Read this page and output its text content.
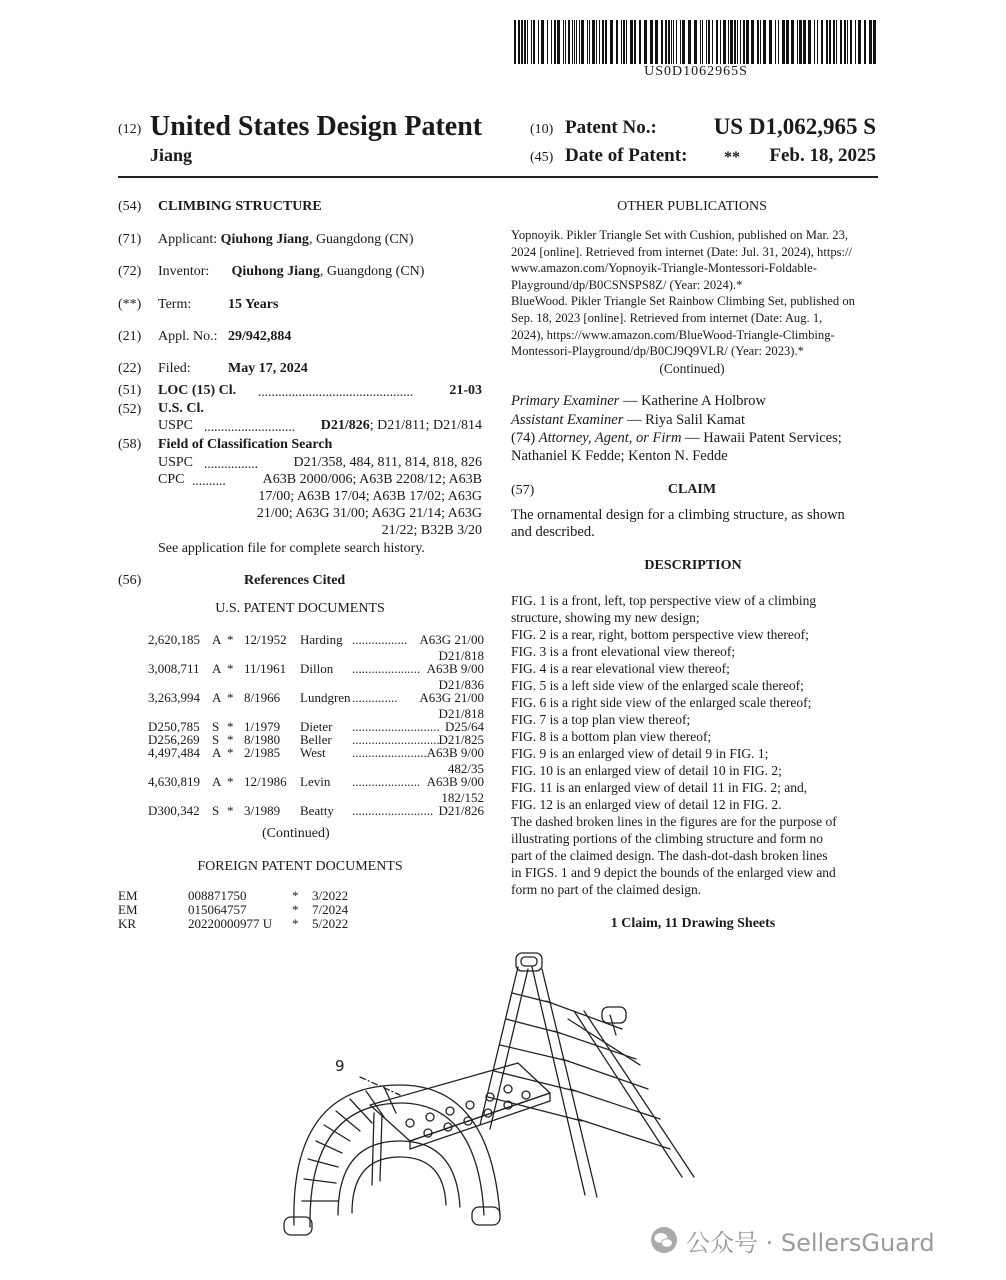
US0D1062965S
(12) United States Design Patent
Jiang
(10) Patent No.:	US D1,062,965 S
(45) Date of Patent: **	Feb. 18, 2025
(54) CLIMBING STRUCTURE
(71) Applicant: Qiuhong Jiang, Guangdong (CN)
(72) Inventor: Qiuhong Jiang, Guangdong (CN)
(**) Term:	15 Years
(21) Appl. No.: 29/942,884
(22) Filed:	May 17, 2024
(51) LOC (15) Cl. ..............................................	21-03
(52) U.S. Cl.
USPC ...........................	D21/826; D21/811; D21/814
(58) Field of Classification Search
USPC ................	D21/358, 484, 811, 814, 818, 826
CPC ..........	A63B 2000/006; A63B 2208/12; A63B
17/00; A63B 17/04; A63B 17/02; A63G
21/00; A63G 31/00; A63G 21/14; A63G
21/22; B32B 3/20
See application file for complete search history.
(56)	References Cited
U.S. PATENT DOCUMENTS
2,620,185 A * 12/1952 Harding ................. A63G 21/00
D21/818
3,008,711 A * 11/1961 Dillon ..................... A63B 9/00
D21/836
3,263,994 A * 8/1966 Lundgren ..............	A63G 21/00
D21/818
D250,785 S * 1/1979 Dieter ........................... D25/64
D256,269 S * 8/1980 Beller ...........................
D21/825
4,497,484 A * 2/1985 West ....................... A63B 9/00
482/35
4,630,819 A * 12/1986 Levin ..................... A63B 9/00
182/152
D300,342 S * 3/1989 Beatty ......................... D21/826
(Continued)
FOREIGN PATENT DOCUMENTS
EM	008871750	* 3/2022
EM	015064757	* 7/2024
KR	20220000977 U * 5/2022
OTHER PUBLICATIONS
Yopnoyik. Pikler Triangle Set with Cushion, published on Mar. 23,
2024 [online]. Retrieved from internet (Date: Jul. 31, 2024), https://
www.amazon.com/Yopnoyik-Triangle-Montessori-Foldable-
Playground/dp/B0CSNSPS8Z/ (Year: 2024).*
BlueWood. Pikler Triangle Set Rainbow Climbing Set, published on
Sep. 18, 2023 [online]. Retrieved from internet (Date: Aug. 1,
2024), https://www.amazon.com/BlueWood-Triangle-Climbing-
Montessori-Playground/dp/B0CJ9Q9VLR/ (Year: 2023).*
(Continued)
Primary Examiner — Katherine A Holbrow
Assistant Examiner — Riya Salil Kamat
(74) Attorney, Agent, or Firm — Hawaii Patent Services;
Nathaniel K Fedde; Kenton N. Fedde
(57)	CLAIM
The ornamental design for a climbing structure, as shown
and described.
DESCRIPTION
FIG. 1 is a front, left, top perspective view of a climbing
structure, showing my new design;
FIG. 2 is a rear, right, bottom perspective view thereof;
FIG. 3 is a front elevational view thereof;
FIG. 4 is a rear elevational view thereof;
FIG. 5 is a left side view of the enlarged scale thereof;
FIG. 6 is a right side view of the enlarged scale thereof;
FIG. 7 is a top plan view thereof;
FIG. 8 is a bottom plan view thereof;
FIG. 9 is an enlarged view of detail 9 in FIG. 1;
FIG. 10 is an enlarged view of detail 10 in FIG. 2;
FIG. 11 is an enlarged view of detail 11 in FIG. 2; and,
FIG. 12 is an enlarged view of detail 12 in FIG. 2.
The dashed broken lines in the figures are for the purpose of
illustrating portions of the climbing structure and form no
part of the claimed design. The dash-dot-dash broken lines
in FIGS. 1 and 9 depict the bounds of the enlarged view and
form no part of the claimed design.
1 Claim, 11 Drawing Sheets
9
公众号 · SellersGuard
